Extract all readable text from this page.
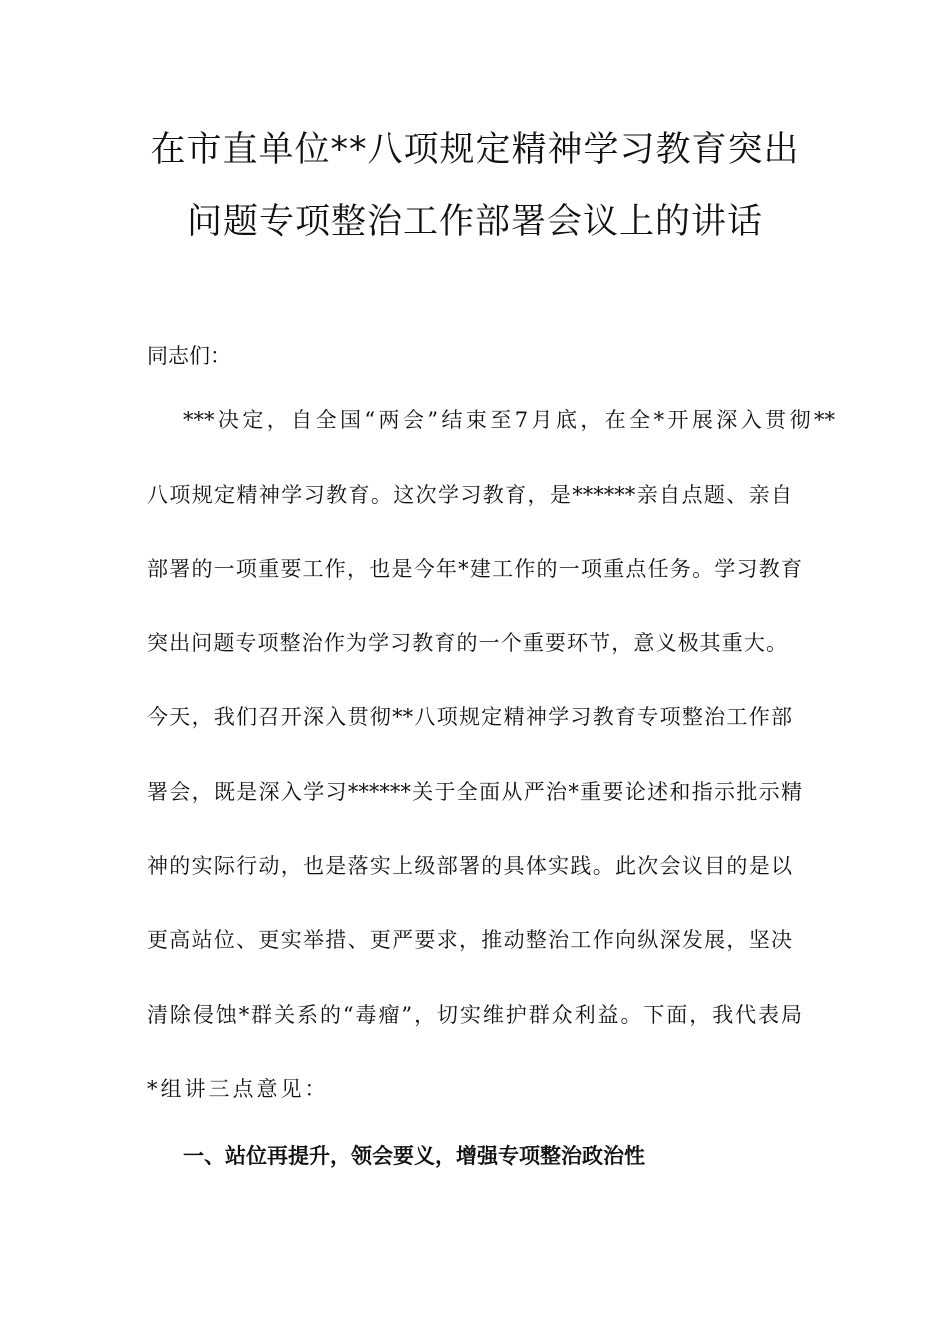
在市直单位**八项规定精神学习教育突出
问题专项整治工作部署会议上的讲话
同志们：
***决定，自全国“两会”结束至7月底，在全*开展深入贯彻**
八项规定精神学习教育。这次学习教育，是******亲自点题、亲自
部署的一项重要工作，也是今年*建工作的一项重点任务。学习教育
突出问题专项整治作为学习教育的一个重要环节，意义极其重大。
今天，我们召开深入贯彻**八项规定精神学习教育专项整治工作部
署会，既是深入学习******关于全面从严治*重要论述和指示批示精
神的实际行动，也是落实上级部署的具体实践。此次会议目的是以
更高站位、更实举措、更严要求，推动整治工作向纵深发展，坚决
清除侵蚀*群关系的“毒瘤”，切实维护群众利益。下面，我代表局
*组讲三点意见：
一、站位再提升，领会要义，增强专项整治政治性
